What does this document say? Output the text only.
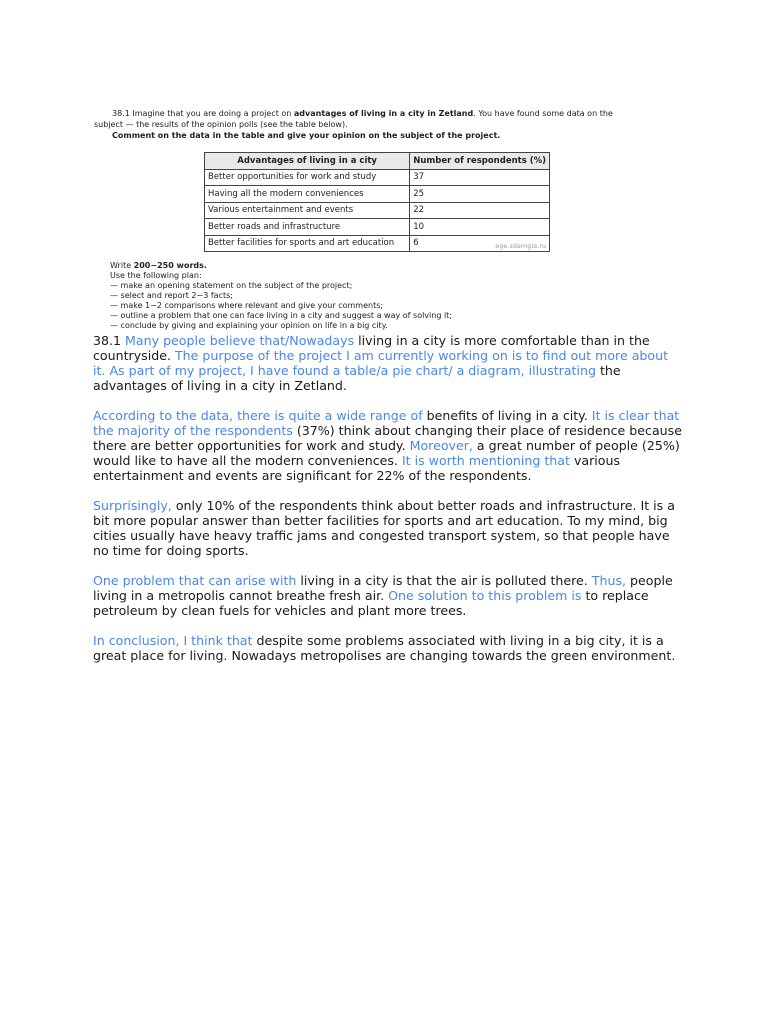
38.1 Imagine that you are doing a project on advantages of living in a city in Zetland. You have found some data on the

subject — the results of the opinion polls (see the table below).

Comment on the data in the table and give your opinion on the subject of the project.

Advantages of living in a city	Number of respondents (%)
Better opportunities for work and study	37
Having all the modern conveniences	25
Various entertainment and events	22
Better roads and infrastructure	10
Better facilities for sports and art education	6 ege.sdamgia.ru

Write 200−250 words.

Use the following plan:

— make an opening statement on the subject of the project;

— select and report 2−3 facts;

— make 1−2 comparisons where relevant and give your comments;

— outline a problem that one can face living in a city and suggest a way of solving it;

— conclude by giving and explaining your opinion on life in a big city.

38.1 Many people believe that/Nowadays living in a city is more comfortable than in the countryside. The purpose of the project I am currently working on is to find out more about it. As part of my project, I have found a table/a pie chart/ a diagram, illustrating the advantages of living in a city in Zetland.

According to the data, there is quite a wide range of benefits of living in a city. It is clear that the majority of the respondents (37%) think about changing their place of residence because there are better opportunities for work and study. Moreover, a great number of people (25%) would like to have all the modern conveniences. It is worth mentioning that various entertainment and events are significant for 22% of the respondents.

Surprisingly, only 10% of the respondents think about better roads and infrastructure. It is a bit more popular answer than better facilities for sports and art education. To my mind, big cities usually have heavy traffic jams and congested transport system, so that people have no time for doing sports.

One problem that can arise with living in a city is that the air is polluted there. Thus, people living in a metropolis cannot breathe fresh air. One solution to this problem is to replace petroleum by clean fuels for vehicles and plant more trees.

In conclusion, I think that despite some problems associated with living in a big city, it is a great place for living. Nowadays metropolises are changing towards the green environment.
